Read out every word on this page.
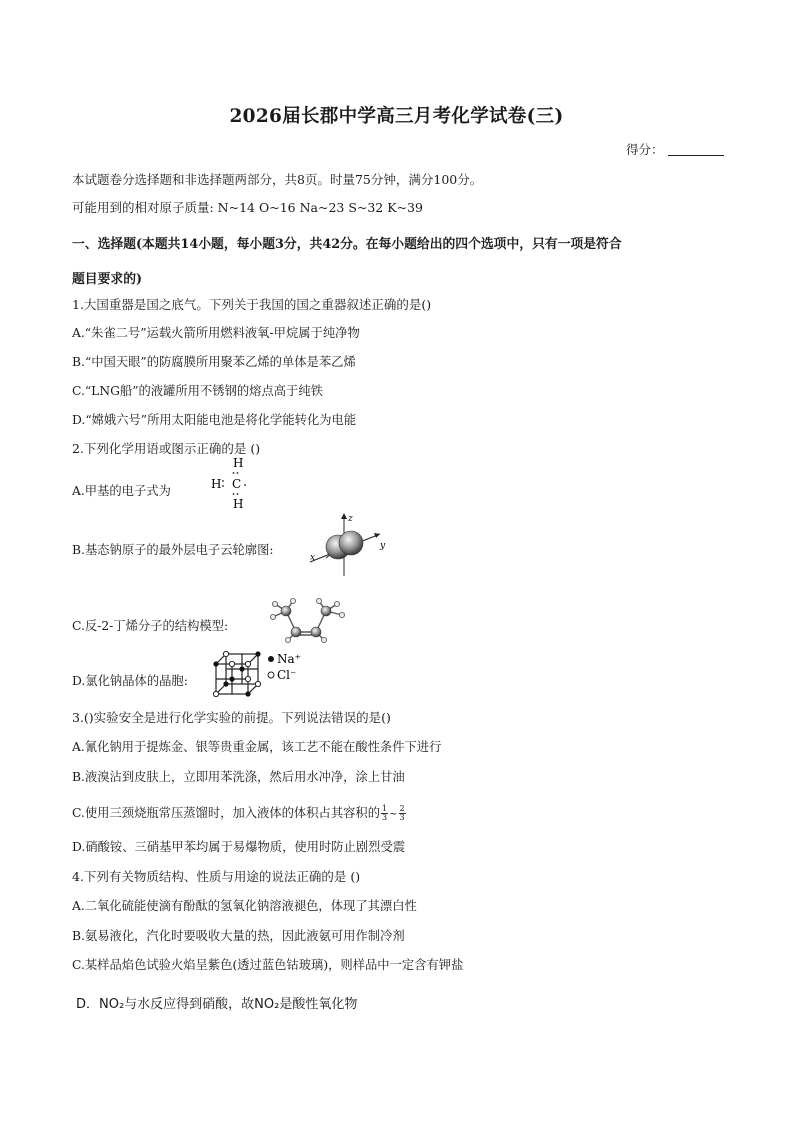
2026届长郡中学高三月考化学试卷(三)
得分：
本试题卷分选择题和非选择题两部分，共8页。时量75分钟，满分100分。
可能用到的相对原子质量: N~14 O~16 Na~23 S~32 K~39
一、选择题(本题共14小题，每小题3分，共42分。在每小题给出的四个选项中，只有一项是符合
题目要求的)
1.大国重器是国之底气。下列关于我国的国之重器叙述正确的是()
A.“朱雀二号”运载火箭所用燃料液氧-甲烷属于纯净物
B.“中国天眼”的防腐膜所用聚苯乙烯的单体是苯乙烯
C.“LNG船”的液罐所用不锈钢的熔点高于纯铁
D.“嫦娥六号”所用太阳能电池是将化学能转化为电能
2.下列化学用语或图示正确的是 ()
A.甲基的电子式为
H
H C
H
B.基态钠原子的最外层电子云轮廓图:
z
y
x
C.反-2-丁烯分子的结构模型:
D.氯化钠晶体的晶胞:
Na⁺
Cl⁻
3.()实验安全是进行化学实验的前提。下列说法错误的是()
A.氰化钠用于提炼金、银等贵重金属，该工艺不能在酸性条件下进行
B.液溴沾到皮肤上，立即用苯洗涤，然后用水冲净，涂上甘油
C.使用三颈烧瓶常压蒸馏时，加入液体的体积占其容积的 $\frac{1}{3}$ ~ $\frac{2}{3}$
D.硝酸铵、三硝基甲苯均属于易爆物质，使用时防止剧烈受震
4.下列有关物质结构、性质与用途的说法正确的是 ()
A.二氧化硫能使滴有酚酞的氢氧化钠溶液褪色，体现了其漂白性
B.氨易液化，汽化时要吸收大量的热，因此液氨可用作制冷剂
C.某样品焰色试验火焰呈紫色(透过蓝色钴玻璃)，则样品中一定含有钾盐
D．NO₂与水反应得到硝酸，故NO₂是酸性氧化物
